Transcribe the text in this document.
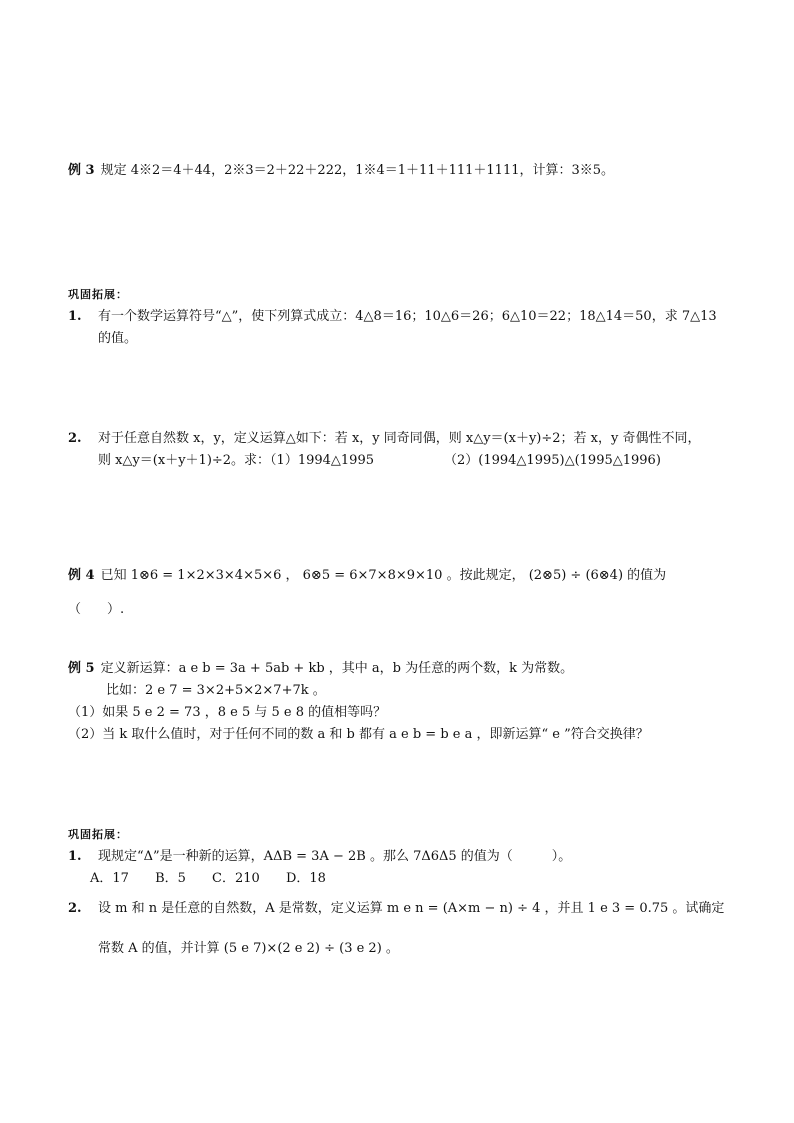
例 3 规定 4※2＝4＋44，2※3＝2＋22＋222，1※4＝1＋11＋111＋1111，计算：3※5。
巩固拓展：
1. 有一个数学运算符号“△”，使下列算式成立：4△8＝16；10△6＝26；6△10＝22；18△14＝50，求 7△13
的值。
2. 对于任意自然数 x，y，定义运算△如下：若 x，y 同奇同偶，则 x△y＝(x＋y)÷2；若 x，y 奇偶性不同，
则 x△y＝(x＋y＋1)÷2。求：（1）1994△1995	（2）(1994△1995)△(1995△1996)
例 4 已知 1⊗6 = 1×2×3×4×5×6 ， 6⊗5 = 6×7×8×9×10 。按此规定， (2⊗5) ÷ (6⊗4) 的值为
（　　）.
例 5 定义新运算：a e b = 3a + 5ab + kb ，其中 a，b 为任意的两个数，k 为常数。
比如：2 e 7 = 3×2+5×2×7+7k 。
（1）如果 5 e 2 = 73 ，8 e 5 与 5 e 8 的值相等吗？
（2）当 k 取什么值时，对于任何不同的数 a 和 b 都有 a e b = b e a ，即新运算“ e ”符合交换律？
巩固拓展：
1. 现规定“Δ”是一种新的运算，AΔB = 3A − 2B 。那么 7Δ6Δ5 的值为（　　　）。
A．17 B．5 C．210 D．18
2. 设 m 和 n 是任意的自然数，A 是常数，定义运算 m e n = (A×m − n) ÷ 4 ，并且 1 e 3 = 0.75 。试确定
常数 A 的值，并计算 (5 e 7)×(2 e 2) ÷ (3 e 2) 。
